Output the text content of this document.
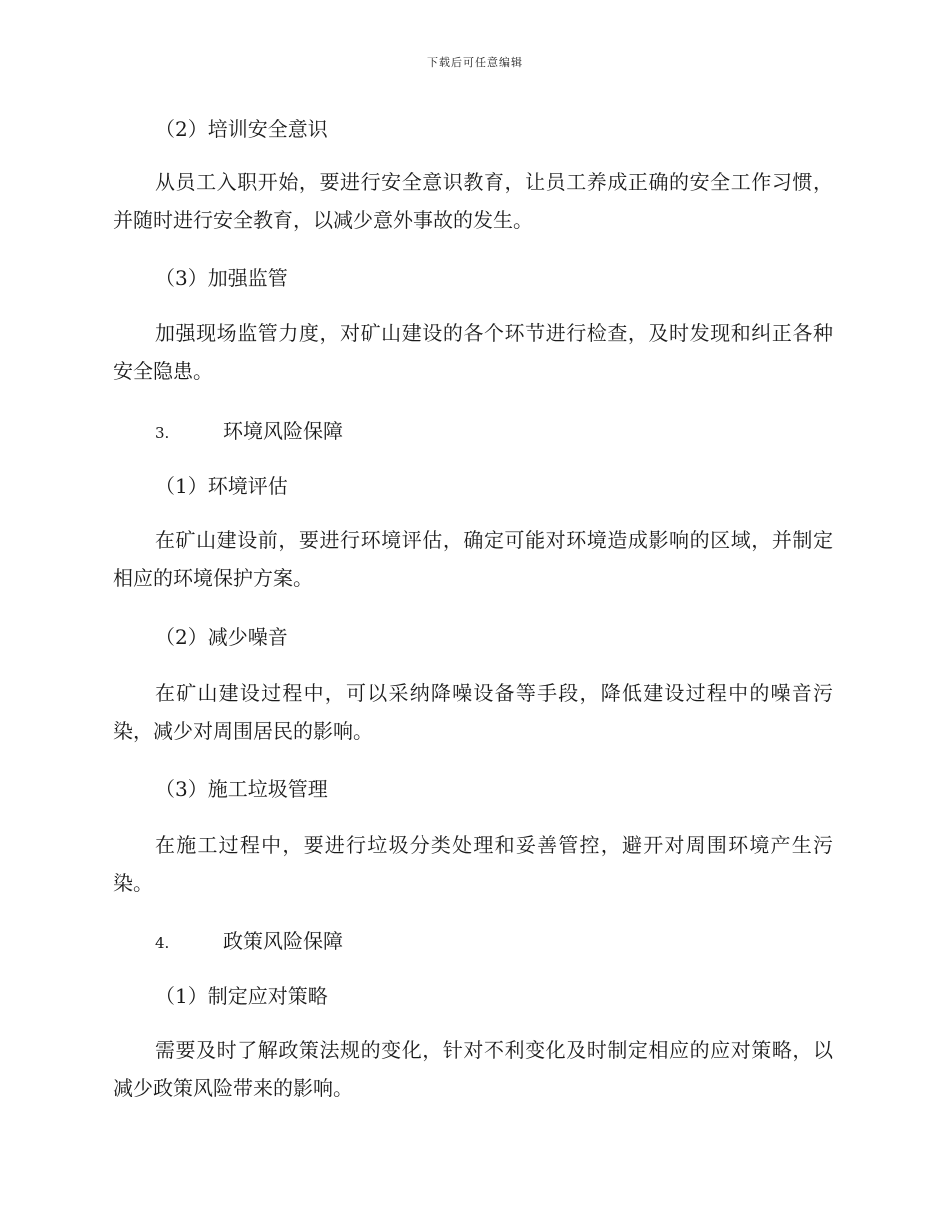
下载后可任意编辑
（2）培训安全意识
从员工入职开始，要进行安全意识教育，让员工养成正确的安全工作习惯，并随时进行安全教育，以减少意外事故的发生。
（3）加强监管
加强现场监管力度，对矿山建设的各个环节进行检查，及时发现和纠正各种安全隐患。
3.	环境风险保障
（1）环境评估
在矿山建设前，要进行环境评估，确定可能对环境造成影响的区域，并制定相应的环境保护方案。
（2）减少噪音
在矿山建设过程中，可以采纳降噪设备等手段，降低建设过程中的噪音污染，减少对周围居民的影响。
（3）施工垃圾管理
在施工过程中，要进行垃圾分类处理和妥善管控，避开对周围环境产生污染。
4.	政策风险保障
（1）制定应对策略
需要及时了解政策法规的变化，针对不利变化及时制定相应的应对策略，以减少政策风险带来的影响。
